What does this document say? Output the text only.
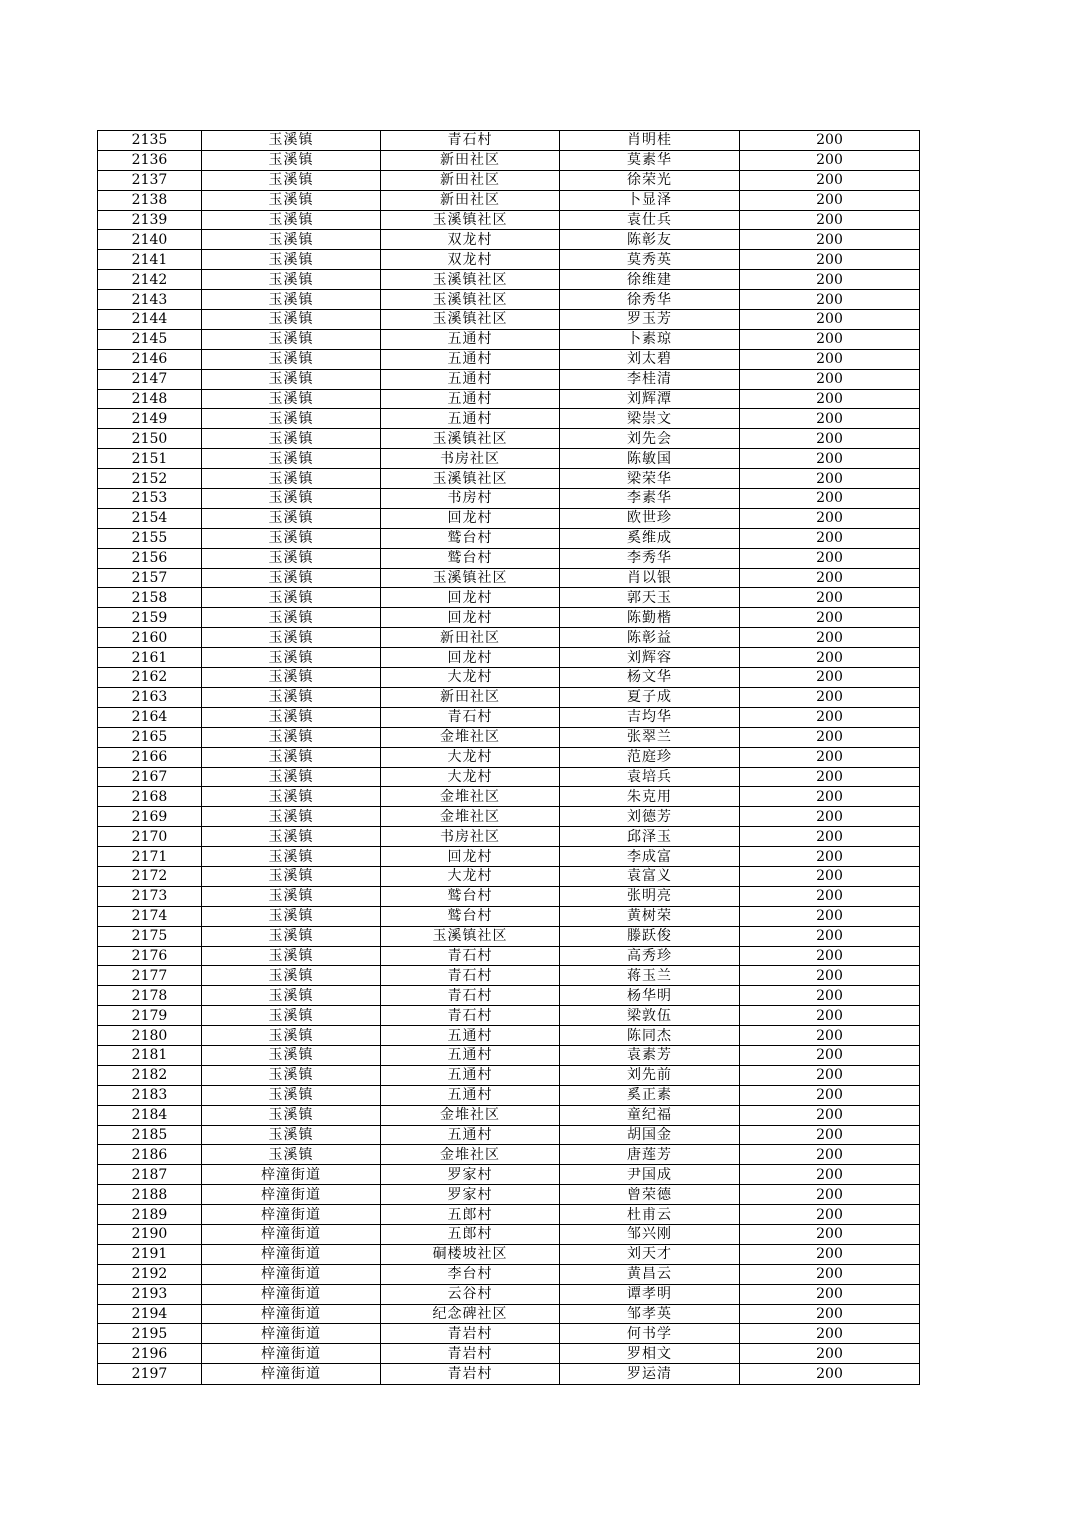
2135	玉溪镇	青石村	肖明桂	200
2136	玉溪镇	新田社区	莫素华	200
2137	玉溪镇	新田社区	徐荣光	200
2138	玉溪镇	新田社区	卜显泽	200
2139	玉溪镇	玉溪镇社区	袁仕兵	200
2140	玉溪镇	双龙村	陈彰友	200
2141	玉溪镇	双龙村	莫秀英	200
2142	玉溪镇	玉溪镇社区	徐维建	200
2143	玉溪镇	玉溪镇社区	徐秀华	200
2144	玉溪镇	玉溪镇社区	罗玉芳	200
2145	玉溪镇	五通村	卜素琼	200
2146	玉溪镇	五通村	刘太碧	200
2147	玉溪镇	五通村	李桂清	200
2148	玉溪镇	五通村	刘辉潭	200
2149	玉溪镇	五通村	梁崇文	200
2150	玉溪镇	玉溪镇社区	刘先会	200
2151	玉溪镇	书房社区	陈敏国	200
2152	玉溪镇	玉溪镇社区	梁荣华	200
2153	玉溪镇	书房村	李素华	200
2154	玉溪镇	回龙村	欧世珍	200
2155	玉溪镇	鹫台村	奚维成	200
2156	玉溪镇	鹫台村	李秀华	200
2157	玉溪镇	玉溪镇社区	肖以银	200
2158	玉溪镇	回龙村	郭天玉	200
2159	玉溪镇	回龙村	陈勤楷	200
2160	玉溪镇	新田社区	陈彰益	200
2161	玉溪镇	回龙村	刘辉容	200
2162	玉溪镇	大龙村	杨文华	200
2163	玉溪镇	新田社区	夏子成	200
2164	玉溪镇	青石村	吉均华	200
2165	玉溪镇	金堆社区	张翠兰	200
2166	玉溪镇	大龙村	范庭珍	200
2167	玉溪镇	大龙村	袁培兵	200
2168	玉溪镇	金堆社区	朱克用	200
2169	玉溪镇	金堆社区	刘德芳	200
2170	玉溪镇	书房社区	邱泽玉	200
2171	玉溪镇	回龙村	李成富	200
2172	玉溪镇	大龙村	袁富义	200
2173	玉溪镇	鹫台村	张明亮	200
2174	玉溪镇	鹫台村	黄树荣	200
2175	玉溪镇	玉溪镇社区	滕跃俊	200
2176	玉溪镇	青石村	高秀珍	200
2177	玉溪镇	青石村	蒋玉兰	200
2178	玉溪镇	青石村	杨华明	200
2179	玉溪镇	青石村	梁敦伍	200
2180	玉溪镇	五通村	陈同杰	200
2181	玉溪镇	五通村	袁素芳	200
2182	玉溪镇	五通村	刘先前	200
2183	玉溪镇	五通村	奚正素	200
2184	玉溪镇	金堆社区	童纪福	200
2185	玉溪镇	五通村	胡国金	200
2186	玉溪镇	金堆社区	唐莲芳	200
2187	梓潼街道	罗家村	尹国成	200
2188	梓潼街道	罗家村	曾荣德	200
2189	梓潼街道	五郎村	杜甫云	200
2190	梓潼街道	五郎村	邹兴刚	200
2191	梓潼街道	硐楼坡社区	刘天才	200
2192	梓潼街道	李台村	黄昌云	200
2193	梓潼街道	云谷村	谭孝明	200
2194	梓潼街道	纪念碑社区	邹孝英	200
2195	梓潼街道	青岩村	何书学	200
2196	梓潼街道	青岩村	罗相文	200
2197	梓潼街道	青岩村	罗运清	200
